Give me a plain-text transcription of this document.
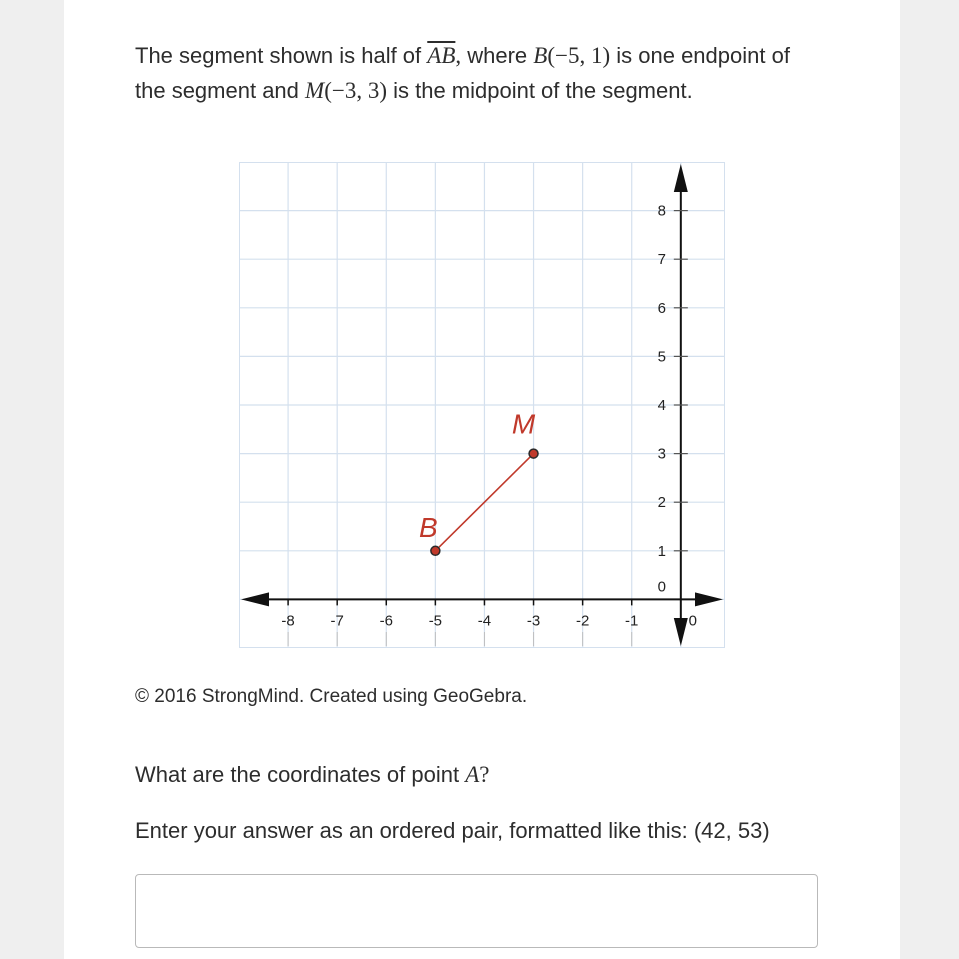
The segment shown is half of $\overline{AB}$, where B(−5, 1) is one endpoint of the segment and M(−3, 3) is the midpoint of the segment.
-8 -7 -6 -5 -4 -3 -2 -1	0
1
2
3
4
5
6
7
8
0
B
M
© 2016 StrongMind. Created using GeoGebra.
What are the coordinates of point A?
Enter your answer as an ordered pair, formatted like this: (42, 53)
